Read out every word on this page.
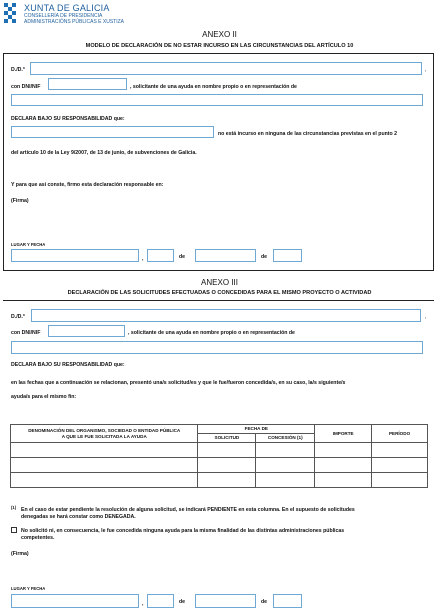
XUNTA DE GALICIA
CONSELLERÍA DE PRESIDENCIA
ADMINISTRACIÓNS PÚBLICAS E XUSTIZA
ANEXO II
MODELO DE DECLARACIÓN DE NO ESTAR INCURSO EN LAS CIRCUNSTANCIAS DEL ARTÍCULO 10
D./D.ª	,
con DNI/NIF	, solicitante de una ayuda en nombre propio o en representación de
DECLARA BAJO SU RESPONSABILIDAD que:
no está incurso en ninguna de las circunstancias previstas en el punto 2
del artículo 10 de la Ley 9/2007, de 13 de junio, de subvenciones de Galicia.
Y para que así conste, firmo esta declaración responsable en:
(Firma)
LUGAR Y FECHA
,	de	de
ANEXO III
DECLARACIÓN DE LAS SOLICITUDES EFECTUADAS O CONCEDIDAS PARA EL MISMO PROYECTO O ACTIVIDAD
D./D.ª	,
con DNI/NIF	, solicitante de una ayuda en nombre propio o en representación de
DECLARA BAJO SU RESPONSABILIDAD que:
en las fechas que a continuación se relacionan, presentó una/s solicitud/es y que le fue/fueron concedida/s, en su caso, la/s siguiente/s
ayuda/s para el mismo fin:
DENOMINACIÓN DEL ORGANISMO, SOCIEDAD O ENTIDAD PÚBLICA
A QUE LE FUE SOLICITADA LA AYUDA	FECHA DE		IMPORTE	PERÍODO
	SOLICITUD	CONCESIÓN (1)		

(1) En el caso de estar pendiente la resolución de alguna solicitud, se indicará PENDIENTE en esta columna. En el supuesto de solicitudes
denegadas se hará constar como DENEGADA.
No solicitó ni, en consecuencia, le fue concedida ninguna ayuda para la misma finalidad de las distintas administraciones públicas
competentes.
(Firma)
LUGAR Y FECHA
,	de	de
